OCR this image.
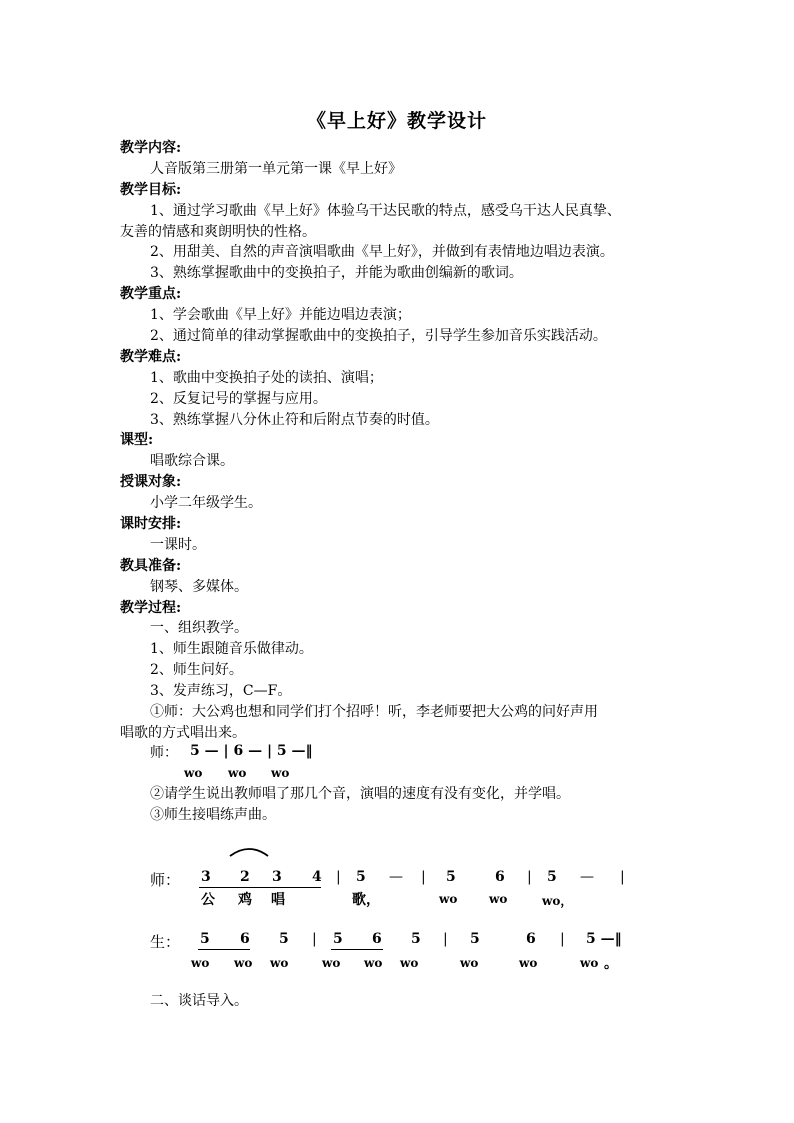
《早上好》教学设计
教学内容:
人音版第三册第一单元第一课《早上好》
教学目标:
1、通过学习歌曲《早上好》体验乌干达民歌的特点，感受乌干达人民真挚、
友善的情感和爽朗明快的性格。
2、用甜美、自然的声音演唱歌曲《早上好》，并做到有表情地边唱边表演。
3、熟练掌握歌曲中的变换拍子，并能为歌曲创编新的歌词。
教学重点:
1、学会歌曲《早上好》并能边唱边表演；
2、通过简单的律动掌握歌曲中的变换拍子，引导学生参加音乐实践活动。
教学难点:
1、歌曲中变换拍子处的读拍、演唱；
2、反复记号的掌握与应用。
3、熟练掌握八分休止符和后附点节奏的时值。
课型:
唱歌综合课。
授课对象:
小学二年级学生。
课时安排:
一课时。
教具准备:
钢琴、多媒体。
教学过程:
一、组织教学。
1、师生跟随音乐做律动。
2、师生问好。
3、发声练习，C—F。
①师：大公鸡也想和同学们打个招呼！听，李老师要把大公鸡的问好声用
唱歌的方式唱出来。
师： 5 — | 6 — | 5 —‖
wo wo wo
②请学生说出教师唱了那几个音，演唱的速度有没有变化，并学唱。
③师生接唱练声曲。
师： 3 2 3 4 | 5 — | 5	6 | 5 — |
公 鸡 唱	歌，	wo	wo	wo，
生： 5 6 5 | 5 6 5 | 5	6 | 5 —‖
wo wo wo	wo wo wo	wo	wo	wo 。
二、谈话导入。
